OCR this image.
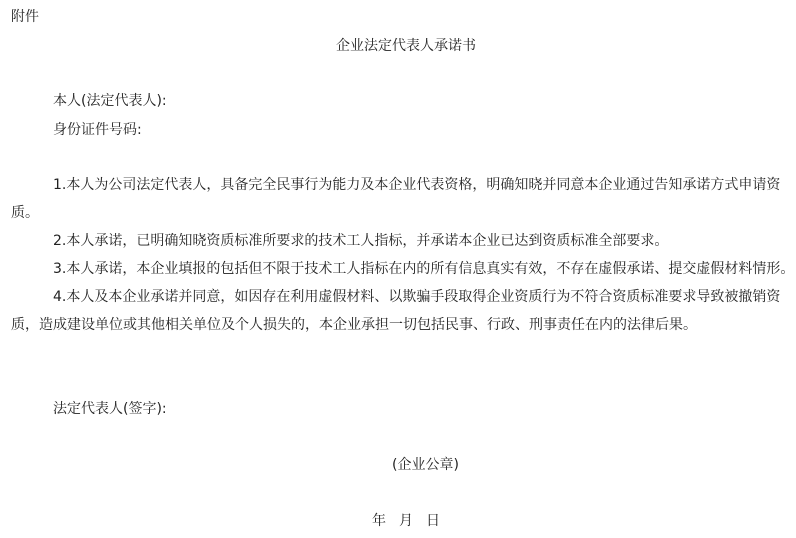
附件
企业法定代表人承诺书
本人(法定代表人):
身份证件号码:
1.本人为公司法定代表人，具备完全民事行为能力及本企业代表资格，明确知晓并同意本企业通过告知承诺方式申请资
质。
2.本人承诺，已明确知晓资质标准所要求的技术工人指标，并承诺本企业已达到资质标准全部要求。
3.本人承诺，本企业填报的包括但不限于技术工人指标在内的所有信息真实有效，不存在虚假承诺、提交虚假材料情形。
4.本人及本企业承诺并同意，如因存在利用虚假材料、以欺骗手段取得企业资质行为不符合资质标准要求导致被撤销资
质，造成建设单位或其他相关单位及个人损失的，本企业承担一切包括民事、行政、刑事责任在内的法律后果。
法定代表人(签字):
(企业公章)
年 月 日
